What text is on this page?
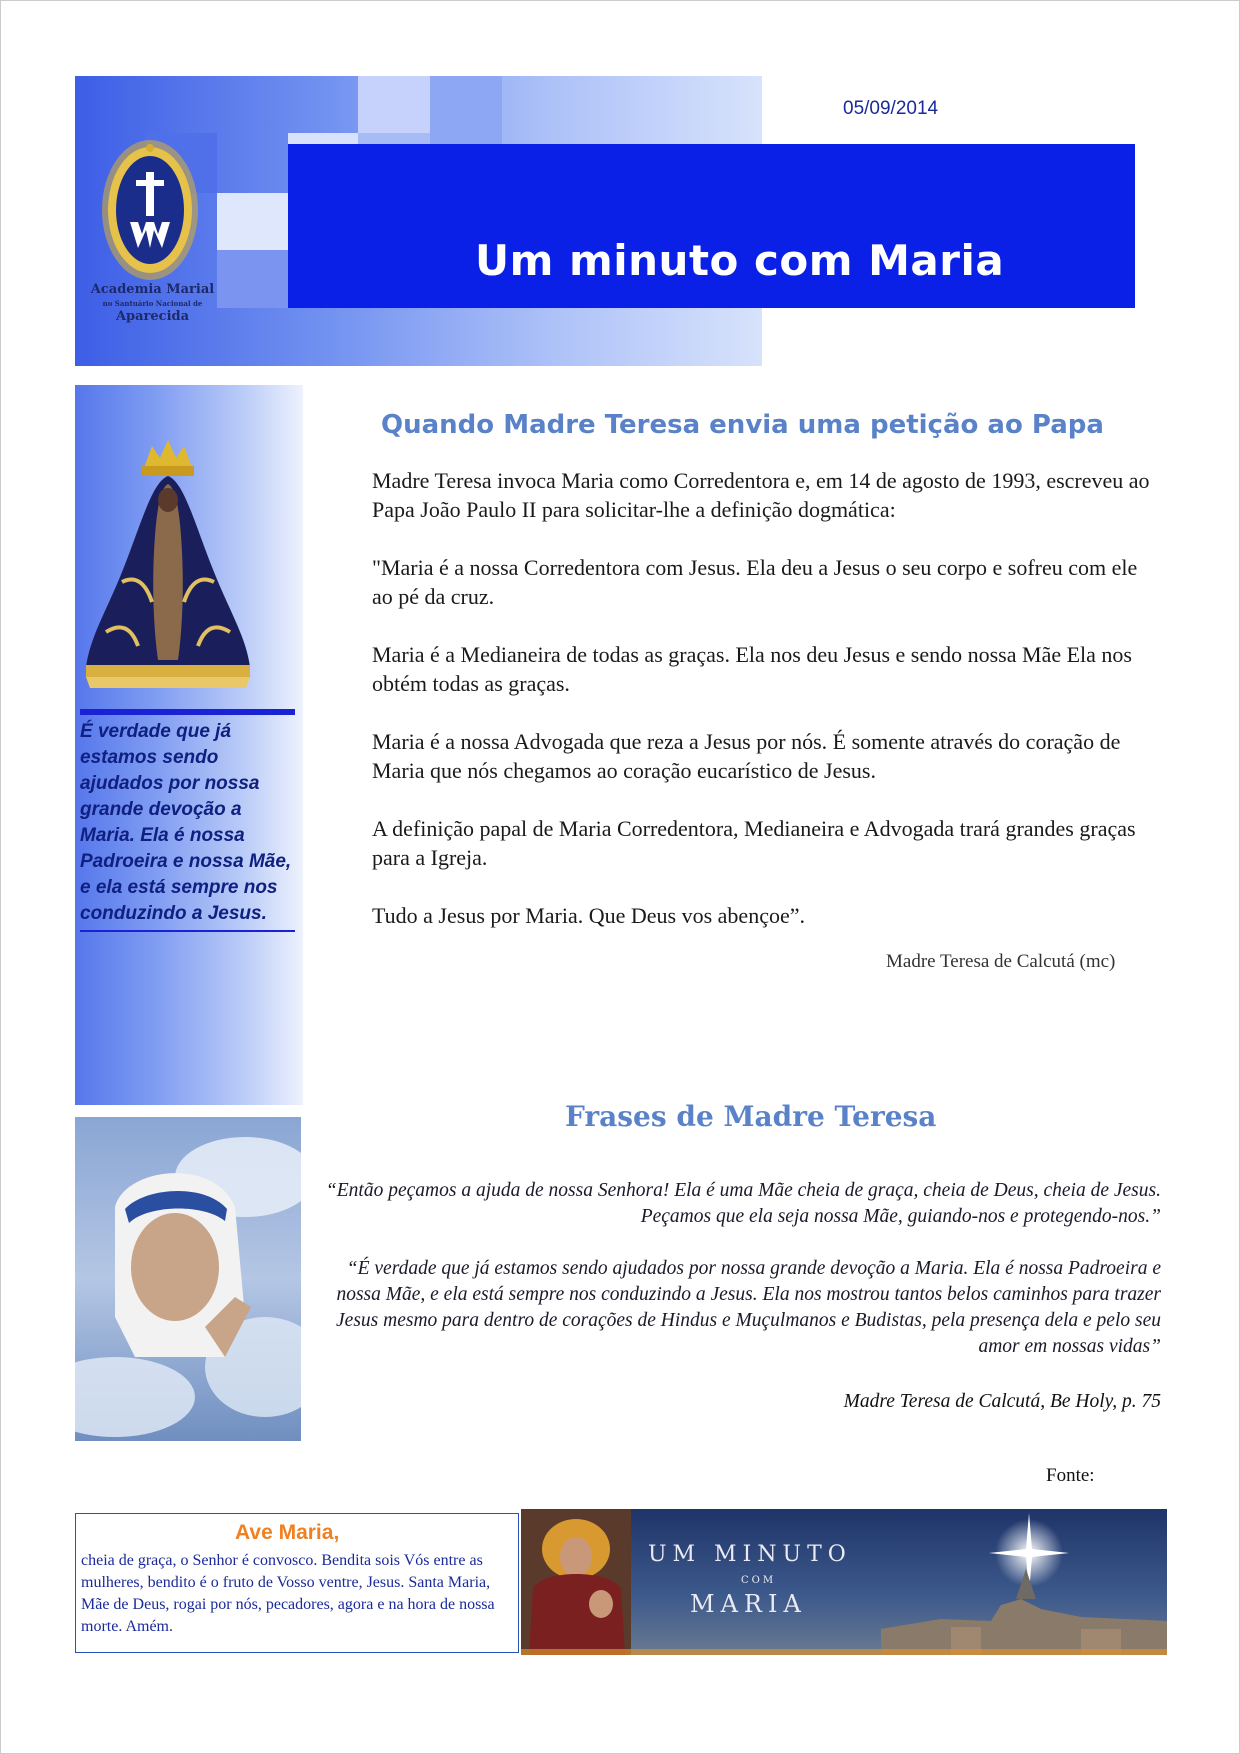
05/09/2014
Um minuto com Maria
Academia Marial
no Santuário Nacional de
Aparecida

É verdade que já estamos sendo ajudados por nossa grande devoção a Maria. Ela é nossa Padroeira e nossa Mãe, e ela está sempre nos conduzindo a Jesus.

Quando Madre Teresa envia uma petição ao Papa

Madre Teresa invoca Maria como Corredentora e, em 14 de agosto de 1993, escreveu ao Papa João Paulo II para solicitar-lhe a definição dogmática:

"Maria é a nossa Corredentora com Jesus. Ela deu a Jesus o seu corpo e sofreu com ele ao pé da cruz.

Maria é a Medianeira de todas as graças. Ela nos deu Jesus e sendo nossa Mãe Ela nos obtém todas as graças.

Maria é a nossa Advogada que reza a Jesus por nós. É somente através do coração de Maria que nós chegamos ao coração eucarístico de Jesus.

A definição papal de Maria Corredentora, Medianeira e Advogada trará grandes graças para a Igreja.

Tudo a Jesus por Maria. Que Deus vos abençoe”.

Madre Teresa de Calcutá (mc)
Frases de Madre Teresa

“Então peçamos a ajuda de nossa Senhora! Ela é uma Mãe cheia de graça, cheia de Deus, cheia de Jesus. Peçamos que ela seja nossa Mãe, guiando-nos e protegendo-nos.”

“É verdade que já estamos sendo ajudados por nossa grande devoção a Maria. Ela é nossa Padroeira e nossa Mãe, e ela está sempre nos conduzindo a Jesus. Ela nos mostrou tantos belos caminhos para trazer Jesus mesmo para dentro de corações de Hindus e Muçulmanos e Budistas, pela presença dela e pelo seu amor em nossas vidas”

Madre Teresa de Calcutá, Be Holy, p. 75
Fonte:
Ave Maria,

cheia de graça, o Senhor é convosco. Bendita sois Vós entre as mulheres, bendito é o fruto de Vosso ventre, Jesus. Santa Maria, Mãe de Deus, rogai por nós, pecadores, agora e na hora de nossa morte. Amém.

UM MINUTO
COM
MARIA
